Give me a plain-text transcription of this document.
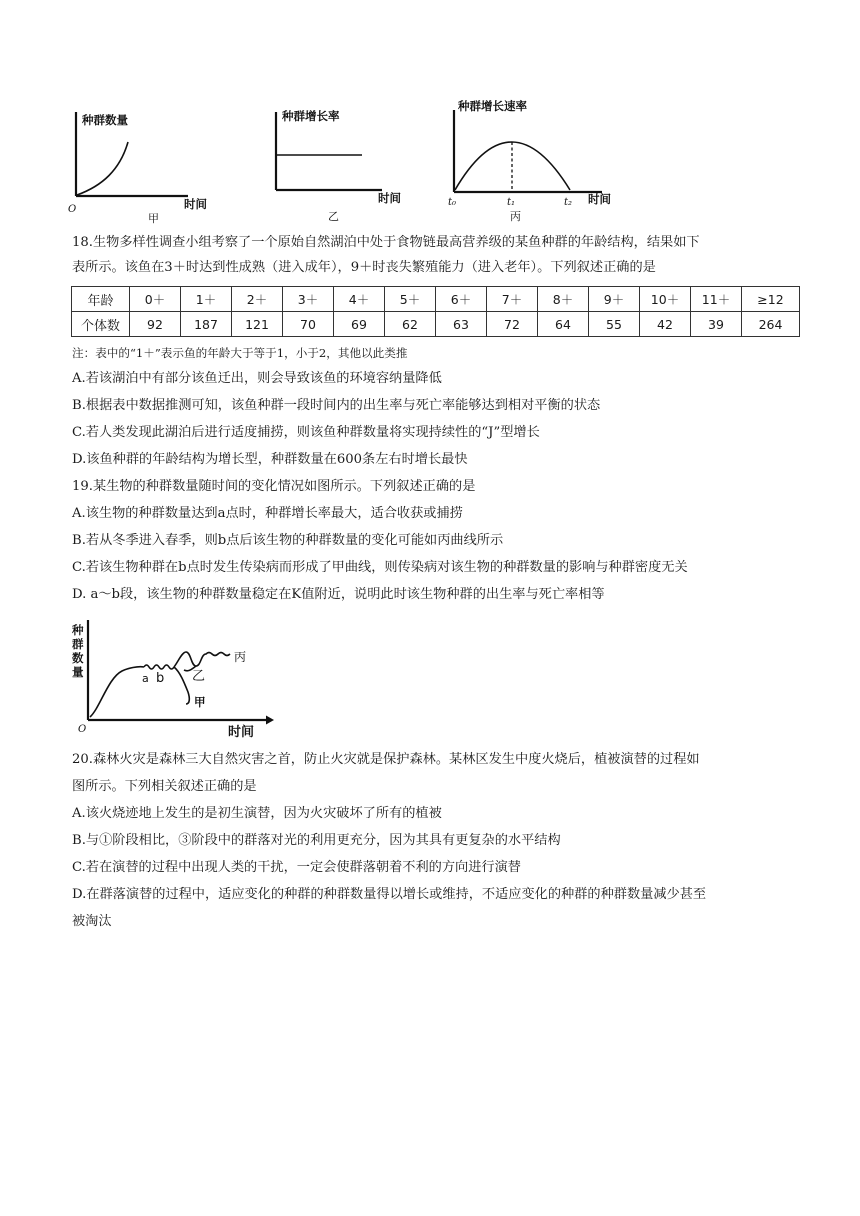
种群数量
O	时间
甲
种群增长率
时间
乙
种群增长速率
t₀	t₁	t₂ 时间
丙
18.生物多样性调查小组考察了一个原始自然湖泊中处于食物链最高营养级的某鱼种群的年龄结构，结果如下
表所示。该鱼在3＋时达到性成熟（进入成年），9＋时丧失繁殖能力（进入老年）。下列叙述正确的是
年龄	0＋	1＋	2＋	3＋	4＋	5＋	6＋	7＋	8＋	9＋	10＋	11＋	≥12
个体数	92	187	121	70	69	62	63	72	64	55	42	39	264
注：表中的“1＋”表示鱼的年龄大于等于1，小于2，其他以此类推
A.若该湖泊中有部分该鱼迁出，则会导致该鱼的环境容纳量降低
B.根据表中数据推测可知，该鱼种群一段时间内的出生率与死亡率能够达到相对平衡的状态
C.若人类发现此湖泊后进行适度捕捞，则该鱼种群数量将实现持续性的“J”型增长
D.该鱼种群的年龄结构为增长型，种群数量在600条左右时增长最快
19.某生物的种群数量随时间的变化情况如图所示。下列叙述正确的是
A.该生物的种群数量达到a点时，种群增长率最大，适合收获或捕捞
B.若从冬季进入春季，则b点后该生物的种群数量的变化可能如丙曲线所示
C.若该生物种群在b点时发生传染病而形成了甲曲线，则传染病对该生物的种群数量的影响与种群密度无关
D. a～b段，该生物的种群数量稳定在K值附近，说明此时该生物种群的出生率与死亡率相等
种
群
数
量
O
a b 乙
丙
甲
时间
20.森林火灾是森林三大自然灾害之首，防止火灾就是保护森林。某林区发生中度火烧后，植被演替的过程如
图所示。下列相关叙述正确的是
A.该火烧迹地上发生的是初生演替，因为火灾破坏了所有的植被
B.与①阶段相比，③阶段中的群落对光的利用更充分，因为其具有更复杂的水平结构
C.若在演替的过程中出现人类的干扰，一定会使群落朝着不利的方向进行演替
D.在群落演替的过程中，适应变化的种群的种群数量得以增长或维持，不适应变化的种群的种群数量减少甚至
被淘汰
